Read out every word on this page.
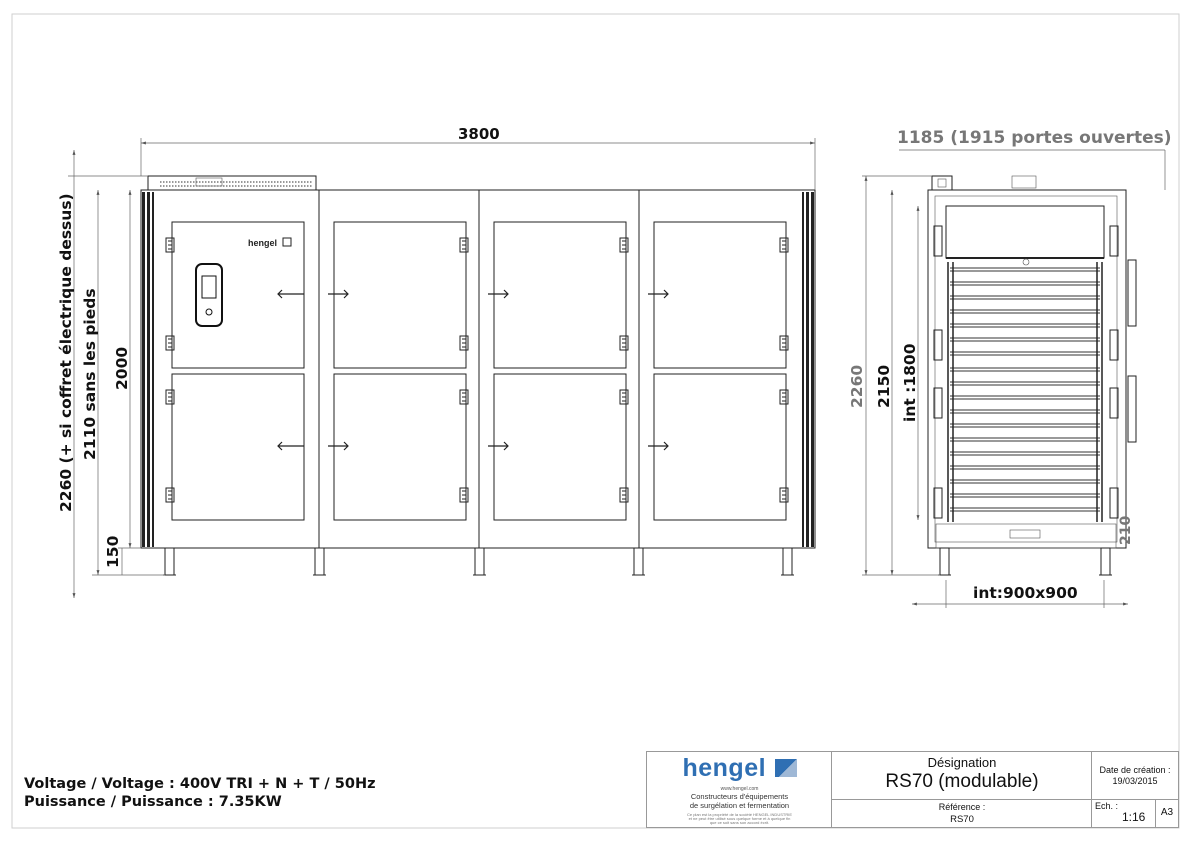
hengel
3800
2260 (+ si coffret électrique dessus) 2110 sans les pieds 2000
150
1185 (1915 portes ouvertes)
2260 2150 int :1800
210
int:900x900
Voltage / Voltage : 400V TRI + N + T / 50Hz
Puissance / Puissance : 7.35KW
hengel
www.hengel.com
Constructeurs d'équipements
de surgélation et fermentation
Ce plan est la propriété de la société HENGEL INDUSTRIE
et ne peut être utilisé sous quelque forme et à quelque fin
que ce soit sans son accord écrit.
Désignation
RS70 (modulable)
Référence :
RS70
Date de création :
19/03/2015
Ech. :
1:16	A3
